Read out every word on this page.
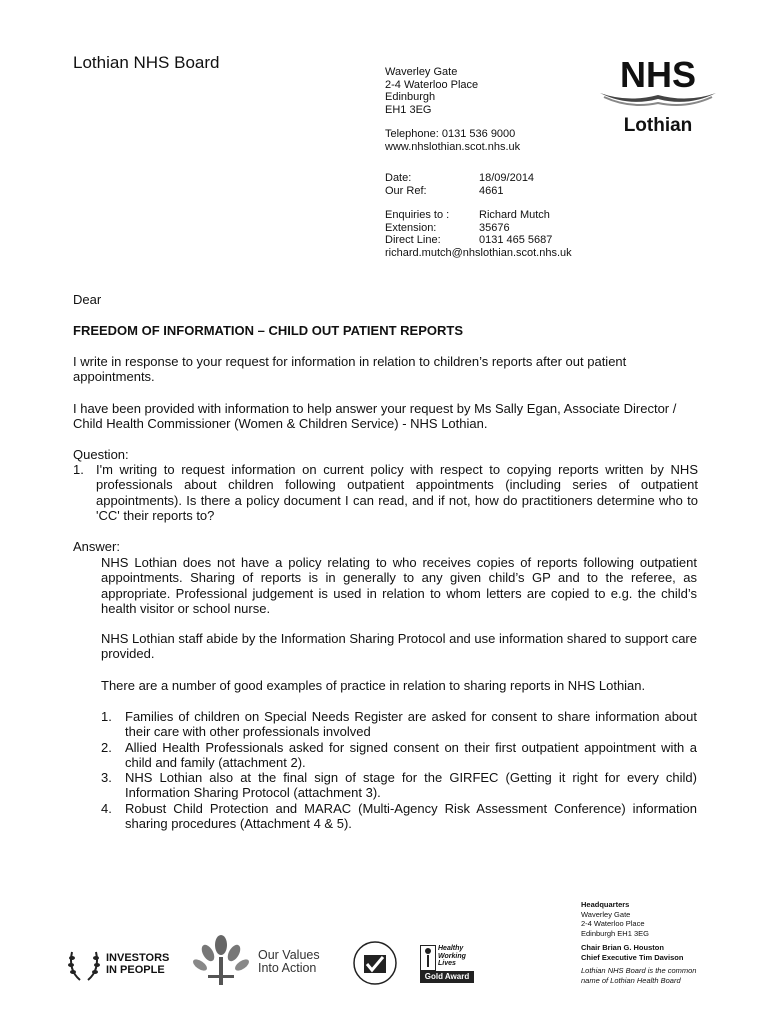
Lothian NHS Board	Waverley Gate
2-4 Waterloo Place
Edinburgh
EH1 3EG
Telephone: 0131 536 9000
www.nhslothian.scot.nhs.uk
Date:	18/09/2014
Our Ref:	4661
Enquiries to :	Richard Mutch
Extension:	35676
Direct Line:	0131 465 5687
richard.mutch@nhslothian.scot.nhs.uk
NHS
Lothian
Dear
FREEDOM OF INFORMATION – CHILD OUT PATIENT REPORTS
I write in response to your request for information in relation to children’s reports after out patient appointments.
I have been provided with information to help answer your request by Ms Sally Egan, Associate Director / Child Health Commissioner (Women & Children Service) - NHS Lothian.
Question:
1. I'm writing to request information on current policy with respect to copying reports written by NHS professionals about children following outpatient appointments (including series of outpatient appointments). Is there a policy document I can read, and if not, how do practitioners determine who to 'CC' their reports to?
Answer:
NHS Lothian does not have a policy relating to who receives copies of reports following outpatient appointments. Sharing of reports is in generally to any given child’s GP and to the referee, as appropriate. Professional judgement is used in relation to whom letters are copied to e.g. the child’s health visitor or school nurse.
NHS Lothian staff abide by the Information Sharing Protocol and use information shared to support care provided.
There are a number of good examples of practice in relation to sharing reports in NHS Lothian.
1.	Families of children on Special Needs Register are asked for consent to share information about their care with other professionals involved
2.	Allied Health Professionals asked for signed consent on their first outpatient appointment with a child and family (attachment 2).
3.	NHS Lothian also at the final sign of stage for the GIRFEC (Getting it right for every child) Information Sharing Protocol (attachment 3).
4.	Robust Child Protection and MARAC (Multi-Agency Risk Assessment Conference) information sharing procedures (Attachment 4 & 5).
Headquarters
Waverley Gate
2-4 Waterloo Place
Edinburgh EH1 3EG
Chair Brian G. Houston
Chief Executive Tim Davison
Lothian NHS Board is the common
name of Lothian Health Board
INVESTORS
IN PEOPLE
Our Values
Into Action
Healthy
Working
Lives
Gold Award
